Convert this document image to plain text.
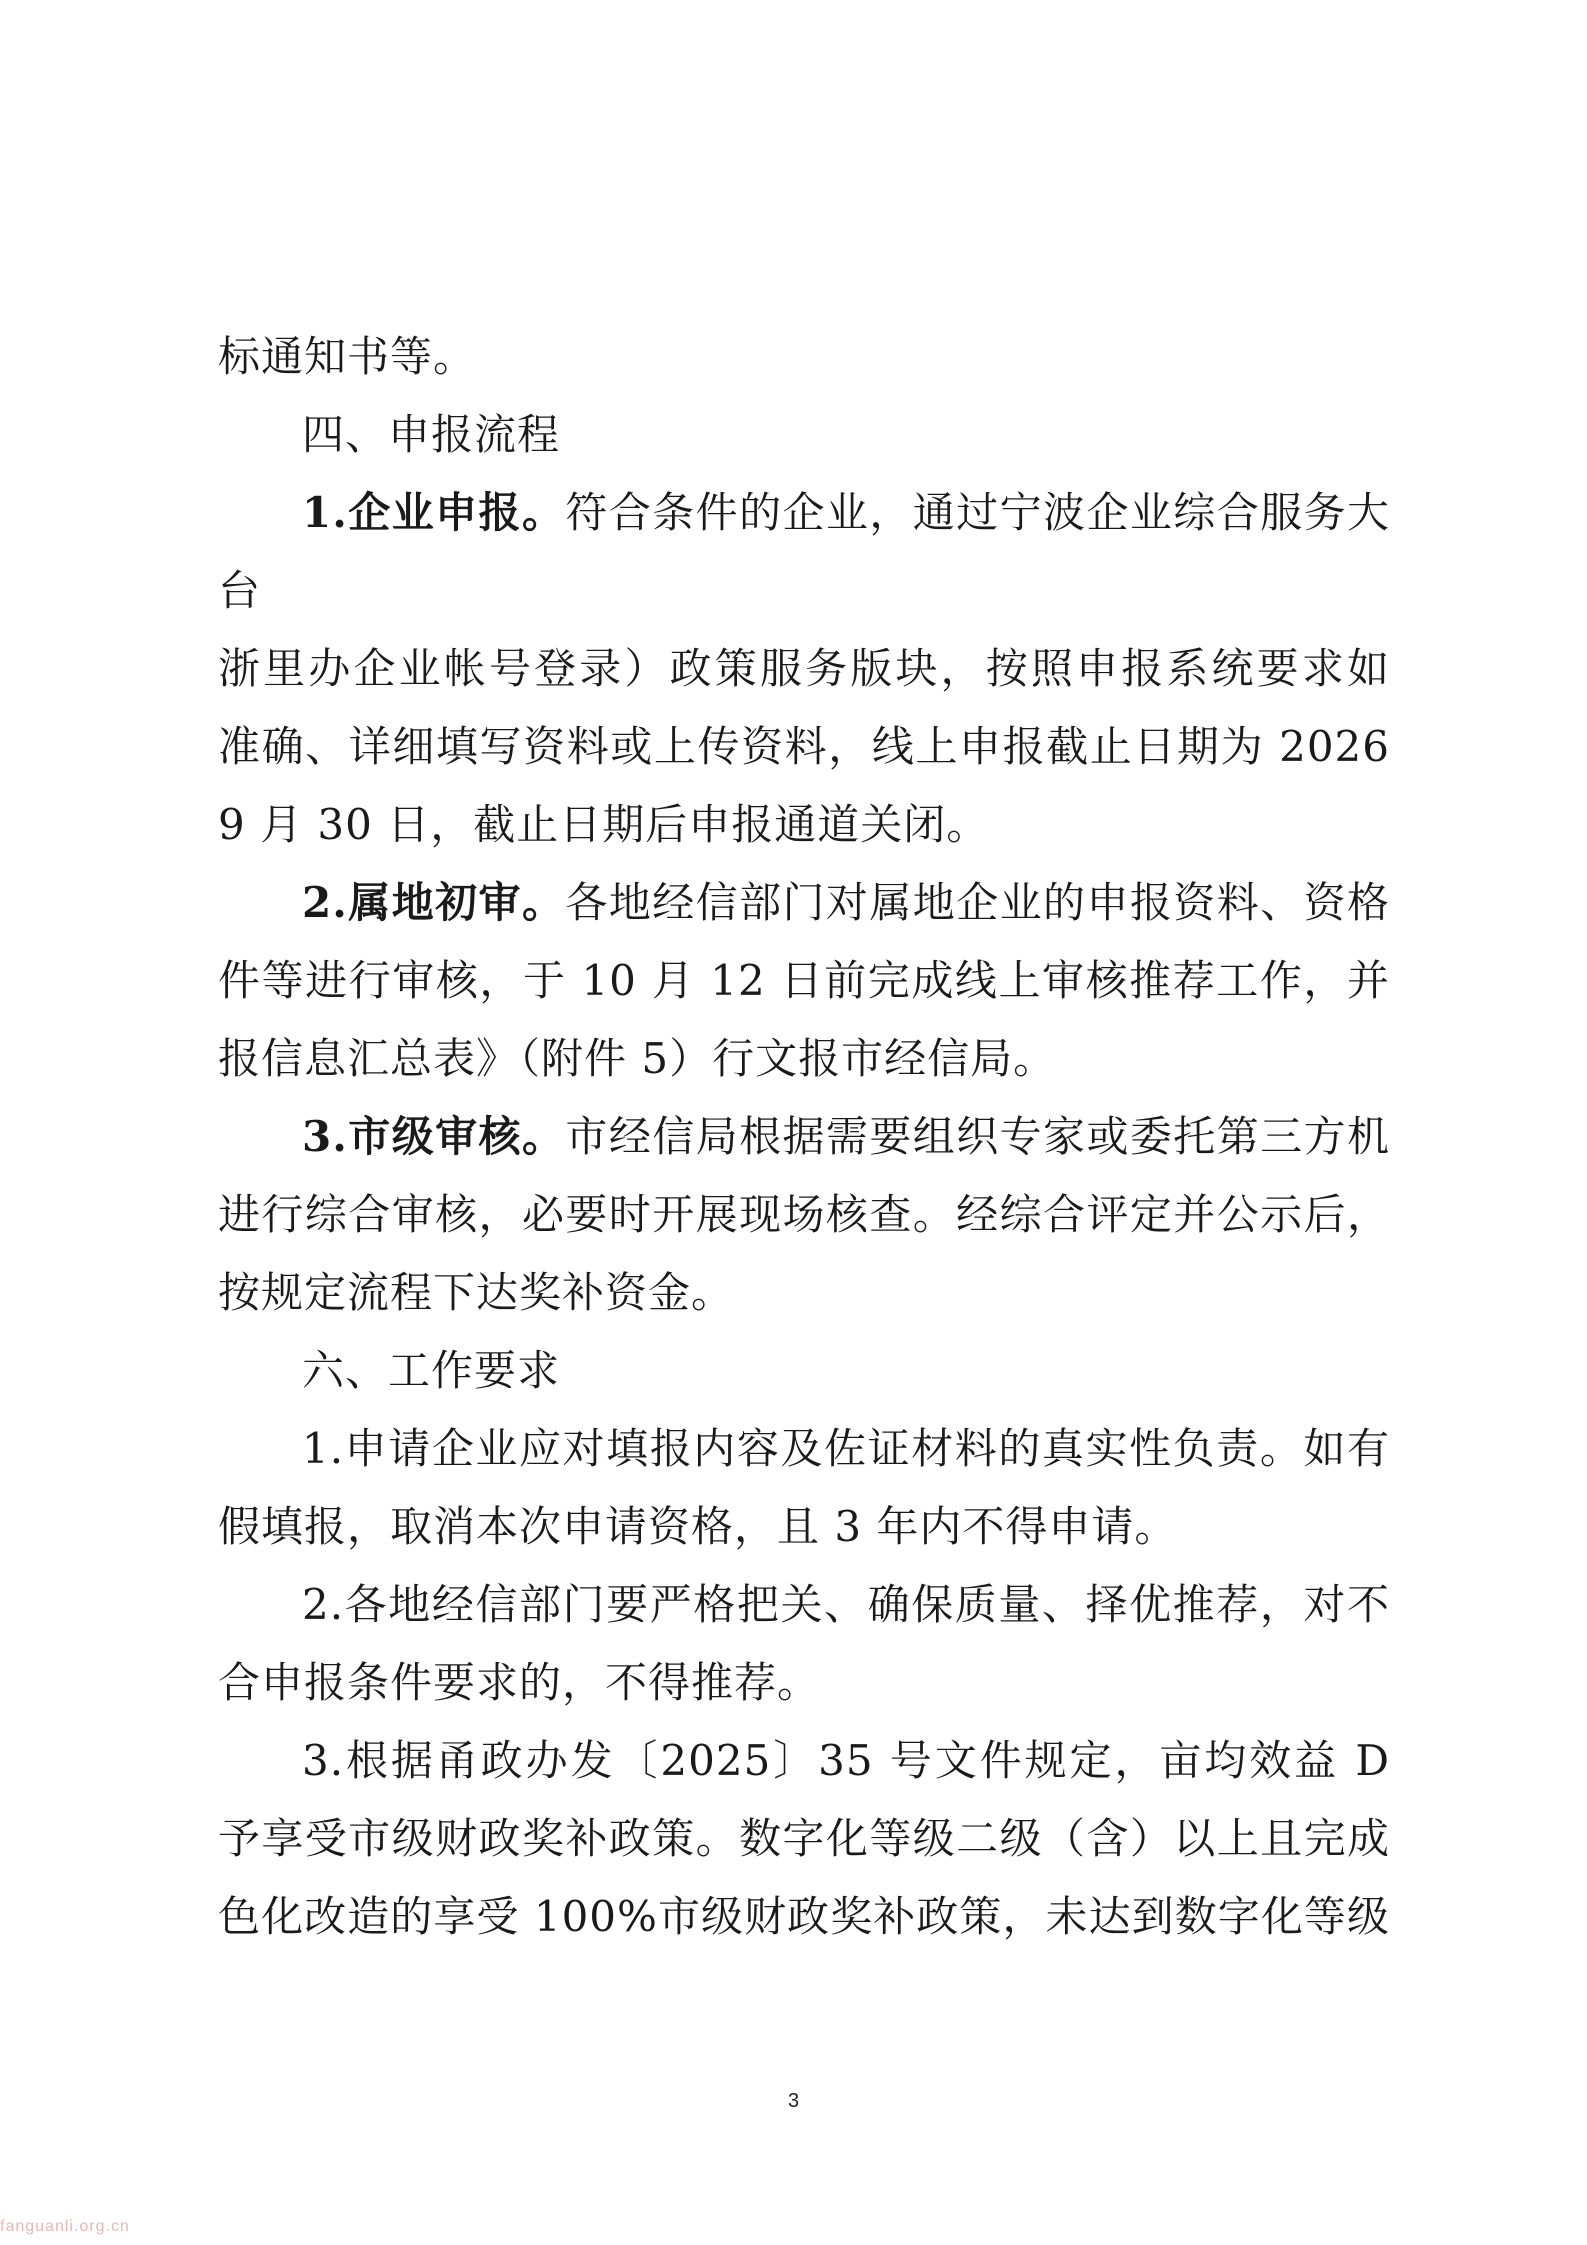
标通知书等。
四、申报流程
1.企业申报。符合条件的企业，通过宁波企业综合服务大
台
浙里办企业帐号登录）政策服务版块，按照申报系统要求如
准确、详细填写资料或上传资料，线上申报截止日期为 2026
9 月 30 日，截止日期后申报通道关闭。
2.属地初审。各地经信部门对属地企业的申报资料、资格
件等进行审核，于 10 月 12 日前完成线上审核推荐工作，并
报信息汇总表》（附件 5）行文报市经信局。
3.市级审核。市经信局根据需要组织专家或委托第三方机
进行综合审核，必要时开展现场核查。经综合评定并公示后，
按规定流程下达奖补资金。
六、工作要求
1.申请企业应对填报内容及佐证材料的真实性负责。如有
假填报，取消本次申请资格，且 3 年内不得申请。
2.各地经信部门要严格把关、确保质量、择优推荐，对不
合申报条件要求的，不得推荐。
3.根据甬政办发〔2025〕35 号文件规定，亩均效益 D
予享受市级财政奖补政策。数字化等级二级（含）以上且完成
色化改造的享受 100%市级财政奖补政策，未达到数字化等级
3
fanguanli.org.cn
